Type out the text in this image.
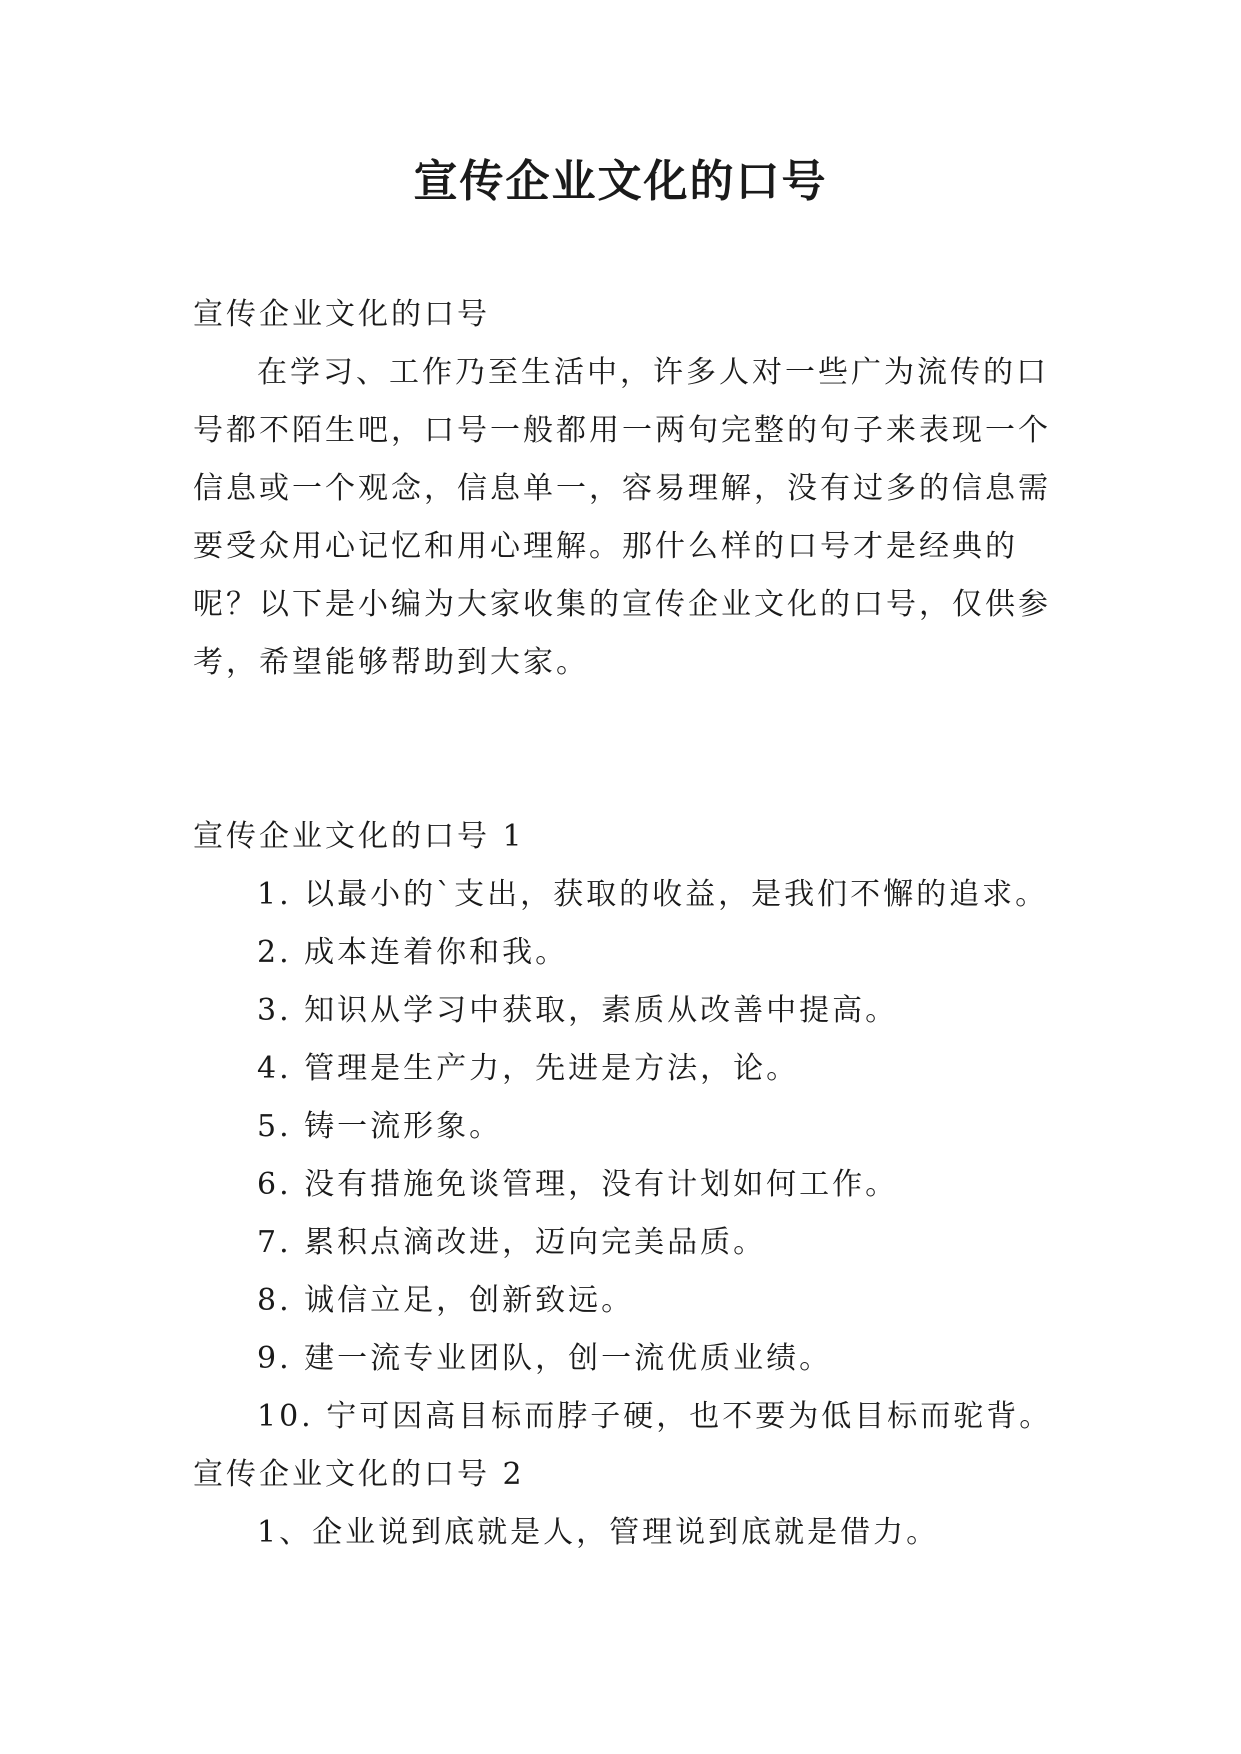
宣传企业文化的口号

宣传企业文化的口号

在学习、工作乃至生活中，许多人对一些广为流传的口

号都不陌生吧，口号一般都用一两句完整的句子来表现一个

信息或一个观念，信息单一，容易理解，没有过多的信息需

要受众用心记忆和用心理解。那什么样的口号才是经典的

呢？以下是小编为大家收集的宣传企业文化的口号，仅供参

考，希望能够帮助到大家。

宣传企业文化的口号 1

1. 以最小的`支出，获取的收益，是我们不懈的追求。

2. 成本连着你和我。

3. 知识从学习中获取，素质从改善中提高。

4. 管理是生产力，先进是方法，论。

5. 铸一流形象。

6. 没有措施免谈管理，没有计划如何工作。

7. 累积点滴改进，迈向完美品质。

8. 诚信立足，创新致远。

9. 建一流专业团队，创一流优质业绩。

10. 宁可因高目标而脖子硬，也不要为低目标而驼背。

宣传企业文化的口号 2

1、企业说到底就是人，管理说到底就是借力。
